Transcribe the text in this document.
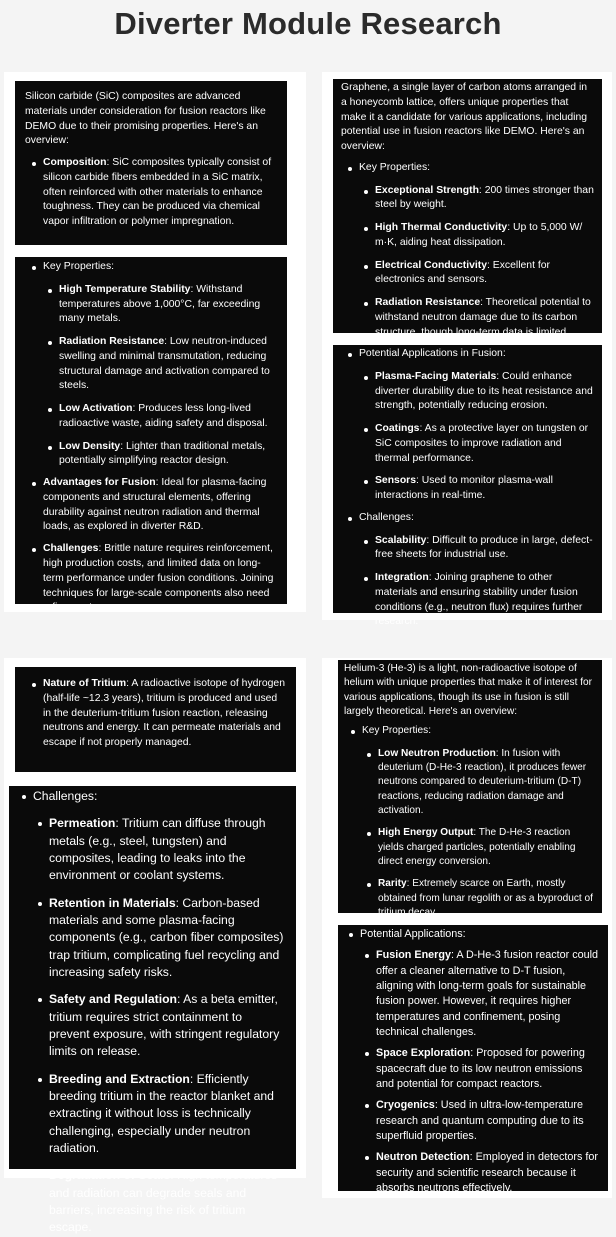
Diverter Module Research

Silicon carbide (SiC) composites are advanced materials under consideration for fusion reactors like DEMO due to their promising properties. Here's an overview:

Composition: SiC composites typically consist of silicon carbide fibers embedded in a SiC matrix, often reinforced with other materials to enhance toughness. They can be produced via chemical vapor infiltration or polymer impregnation.
Key Properties:
High Temperature Stability: Withstand temperatures above 1,000°C, far exceeding many metals.
Radiation Resistance: Low neutron-induced swelling and minimal transmutation, reducing structural damage and activation compared to steels.
Low Activation: Produces less long-lived radioactive waste, aiding safety and disposal.
Low Density: Lighter than traditional metals, potentially simplifying reactor design.
Advantages for Fusion: Ideal for plasma-facing components and structural elements, offering durability against neutron radiation and thermal loads, as explored in diverter R&D.
Challenges: Brittle nature requires reinforcement, high production costs, and limited data on long-term performance under fusion conditions. Joining techniques for large-scale components also need refinement.

Graphene, a single layer of carbon atoms arranged in a honeycomb lattice, offers unique properties that make it a candidate for various applications, including potential use in fusion reactors like DEMO. Here's an overview:

Key Properties:
Exceptional Strength: 200 times stronger than steel by weight.
High Thermal Conductivity: Up to 5,000 W/ m·K, aiding heat dissipation.
Electrical Conductivity: Excellent for electronics and sensors.
Radiation Resistance: Theoretical potential to withstand neutron damage due to its carbon structure, though long-term data is limited.
Potential Applications in Fusion:
Plasma-Facing Materials: Could enhance diverter durability due to its heat resistance and strength, potentially reducing erosion.
Coatings: As a protective layer on tungsten or SiC composites to improve radiation and thermal performance.
Sensors: Used to monitor plasma-wall interactions in real-time.
Challenges:
Scalability: Difficult to produce in large, defect-free sheets for industrial use.
Integration: Joining graphene to other materials and ensuring stability under fusion conditions (e.g., neutron flux) requires further research.
Nature of Tritium: A radioactive isotope of hydrogen (half-life ~12.3 years), tritium is produced and used in the deuterium-tritium fusion reaction, releasing neutrons and energy. It can permeate materials and escape if not properly managed.
Challenges:
Permeation: Tritium can diffuse through metals (e.g., steel, tungsten) and composites, leading to leaks into the environment or coolant systems.
Retention in Materials: Carbon-based materials and some plasma-facing components (e.g., carbon fiber composites) trap tritium, complicating fuel recycling and increasing safety risks.
Safety and Regulation: As a beta emitter, tritium requires strict containment to prevent exposure, with stringent regulatory limits on release.
Breeding and Extraction: Efficiently breeding tritium in the reactor blanket and extracting it without loss is technically challenging, especially under neutron radiation.
Degradation of Seals: High temperatures and radiation can degrade seals and barriers, increasing the risk of tritium escape.

Helium-3 (He-3) is a light, non-radioactive isotope of helium with unique properties that make it of interest for various applications, though its use in fusion is still largely theoretical. Here's an overview:

Key Properties:
Low Neutron Production: In fusion with deuterium (D-He-3 reaction), it produces fewer neutrons compared to deuterium-tritium (D-T) reactions, reducing radiation damage and activation.
High Energy Output: The D-He-3 reaction yields charged particles, potentially enabling direct energy conversion.
Rarity: Extremely scarce on Earth, mostly obtained from lunar regolith or as a byproduct of tritium decay.
Potential Applications:
Fusion Energy: A D-He-3 fusion reactor could offer a cleaner alternative to D-T fusion, aligning with long-term goals for sustainable fusion power. However, it requires higher temperatures and confinement, posing technical challenges.
Space Exploration: Proposed for powering spacecraft due to its low neutron emissions and potential for compact reactors.
Cryogenics: Used in ultra-low-temperature research and quantum computing due to its superfluid properties.
Neutron Detection: Employed in detectors for security and scientific research because it absorbs neutrons effectively.
